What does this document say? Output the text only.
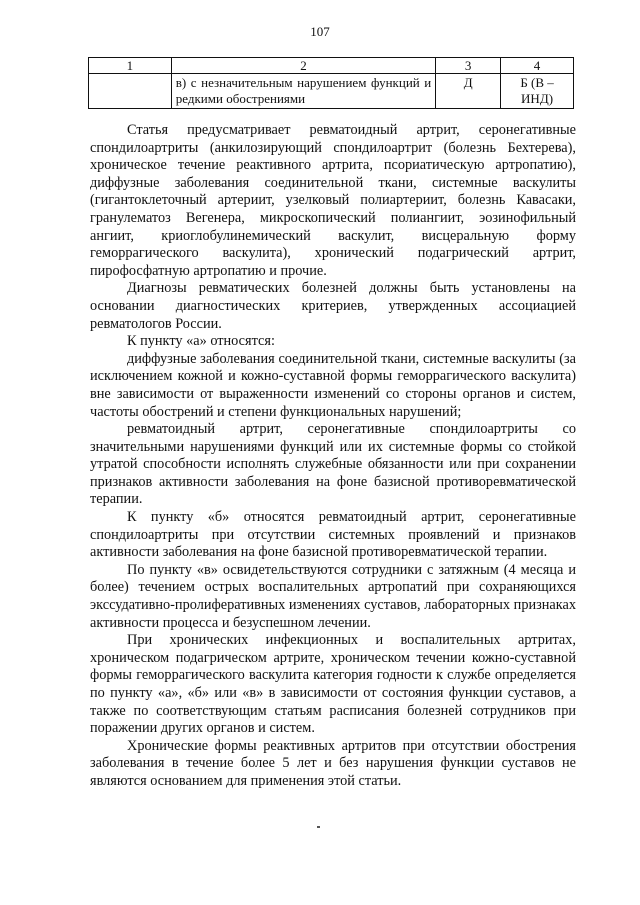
107
1	2	3	4
	в) с незначительным нарушением функций и редкими обострениями	Д	Б (В – ИНД)

Статья предусматривает ревматоидный артрит, серонегативные спондилоартриты (анкилозирующий спондилоартрит (болезнь Бехтерева), хроническое течение реактивного артрита, псориатическую артропатию), диффузные заболевания соединительной ткани, системные васкулиты (гигантоклеточный артериит, узелковый полиартериит, болезнь Кавасаки, гранулематоз Вегенера, микроскопический полиангиит, эозинофильный ангиит, криоглобулинемический васкулит, висцеральную форму геморрагического васкулита), хронический подагрический артрит, пирофосфатную артропатию и прочие.

Диагнозы ревматических болезней должны быть установлены на основании диагностических критериев, утвержденных ассоциацией ревматологов России.

К пункту «а» относятся:

диффузные заболевания соединительной ткани, системные васкулиты (за исключением кожной и кожно-суставной формы геморрагического васкулита) вне зависимости от выраженности изменений со стороны органов и систем, частоты обострений и степени функциональных нарушений;

ревматоидный артрит, серонегативные спондилоартриты со значительными нарушениями функций или их системные формы со стойкой утратой способности исполнять служебные обязанности или при сохранении признаков активности заболевания на фоне базисной противоревматической терапии.

К пункту «б» относятся ревматоидный артрит, серонегативные спондилоартриты при отсутствии системных проявлений и признаков активности заболевания на фоне базисной противоревматической терапии.

По пункту «в» освидетельствуются сотрудники с затяжным (4 месяца и более) течением острых воспалительных артропатий при сохраняющихся экссудативно-пролиферативных изменениях суставов, лабораторных признаках активности процесса и безуспешном лечении.

При хронических инфекционных и воспалительных артритах, хроническом подагрическом артрите, хроническом течении кожно-суставной формы геморрагического васкулита категория годности к службе определяется по пункту «а», «б» или «в» в зависимости от состояния функции суставов, а также по соответствующим статьям расписания болезней сотрудников при поражении других органов и систем.

Хронические формы реактивных артритов при отсутствии обострения заболевания в течение более 5 лет и без нарушения функции суставов не являются основанием для применения этой статьи.
